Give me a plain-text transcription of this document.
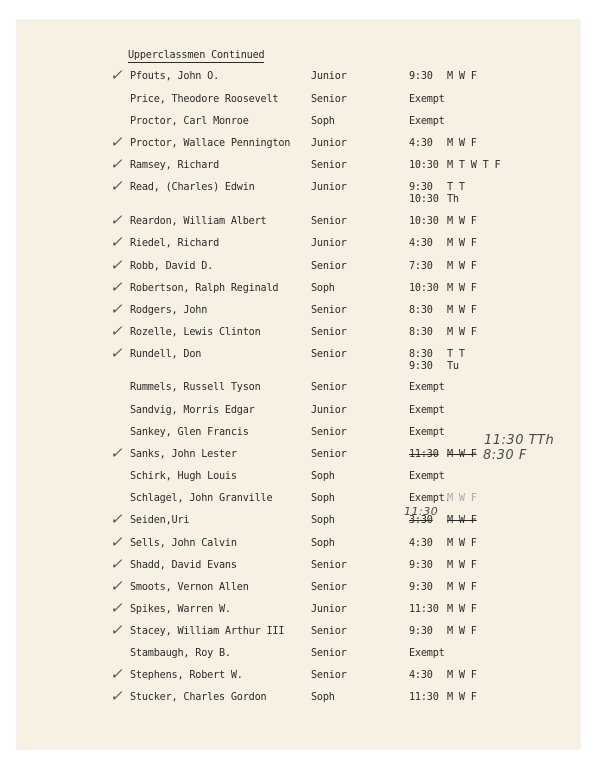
Upperclassmen Continued
✓ Pfouts, John O.	Junior	9:30 M W F
Price, Theodore Roosevelt	Senior	Exempt
Proctor, Carl Monroe	Soph	Exempt
✓ Proctor, Wallace Pennington Junior	4:30 M W F
✓ Ramsey, Richard	Senior	10:30 M T W T F
✓ Read, (Charles) Edwin	Junior	9:30 T T
10:30 Th
✓ Reardon, William Albert	Senior	10:30 M W F
✓ Riedel, Richard	Junior	4:30 M W F
✓ Robb, David D.	Senior	7:30 M W F
✓ Robertson, Ralph Reginald	Soph	10:30 M W F
✓ Rodgers, John	Senior	8:30 M W F
✓ Rozelle, Lewis Clinton	Senior	8:30 M W F
✓ Rundell, Don	Senior	8:30 T T
9:30 Tu
Rummels, Russell Tyson	Senior	Exempt
Sandvig, Morris Edgar	Junior	Exempt
Sankey, Glen Francis	Senior	Exempt
✓ Sanks, John Lester	Senior	11:30 M W F
Schirk, Hugh Louis	Soph	Exempt
Schlagel, John Granville	Soph	Exempt.
M W F
✓ Seiden,Uri	Soph	3:30 M W F
✓ Sells, John Calvin	Soph	4:30 M W F
✓ Shadd, David Evans	Senior	9:30 M W F
✓ Smoots, Vernon Allen	Senior	9:30 M W F
✓ Spikes, Warren W.	Junior	11:30 M W F
✓ Stacey, William Arthur III	Senior	9:30 M W F
Stambaugh, Roy B.	Senior	Exempt
✓ Stephens, Robert W.	Senior	4:30 M W F
✓ Stucker, Charles Gordon	Soph	11:30 M W F
11:30 TTh
8:30 F
11:30
